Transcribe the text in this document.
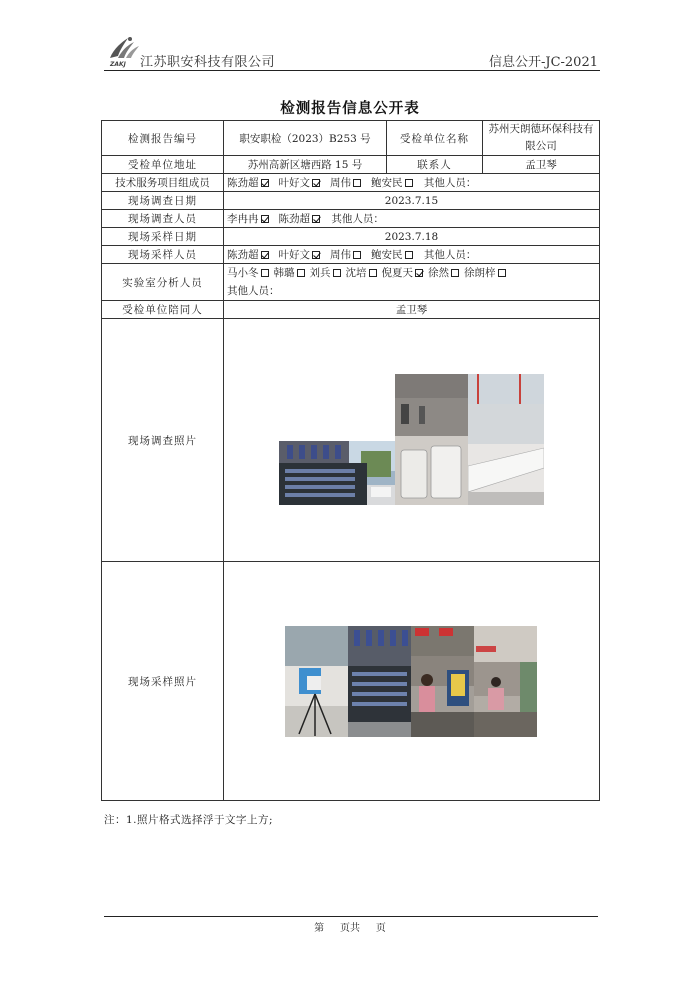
ZAKJ 江苏职安科技有限公司	信息公开-JC-2021
检测报告信息公开表
检测报告编号	职安职检（2023）B253 号	受检单位名称	苏州天朗德环保科技有限公司
受检单位地址	苏州高新区塘西路 15 号	联系人	孟卫琴
技术服务项目组成员	陈劲超 叶好文 周伟 鲍安民 其他人员：		
现场调查日期	2023.7.15		
现场调查人员	李冉冉 陈劲超 其他人员：		
现场采样日期	2023.7.18		
现场采样人员	陈劲超 叶好文 周伟 鲍安民 其他人员：		
实验室分析人员	马小冬 韩璐 刘兵 沈培 倪夏天 徐然 徐朗梓
其他人员：		
受检单位陪同人	孟卫琴		
现场调查照片	

现场采样照片	
注：1.照片格式选择浮于文字上方;
第 页共 页
